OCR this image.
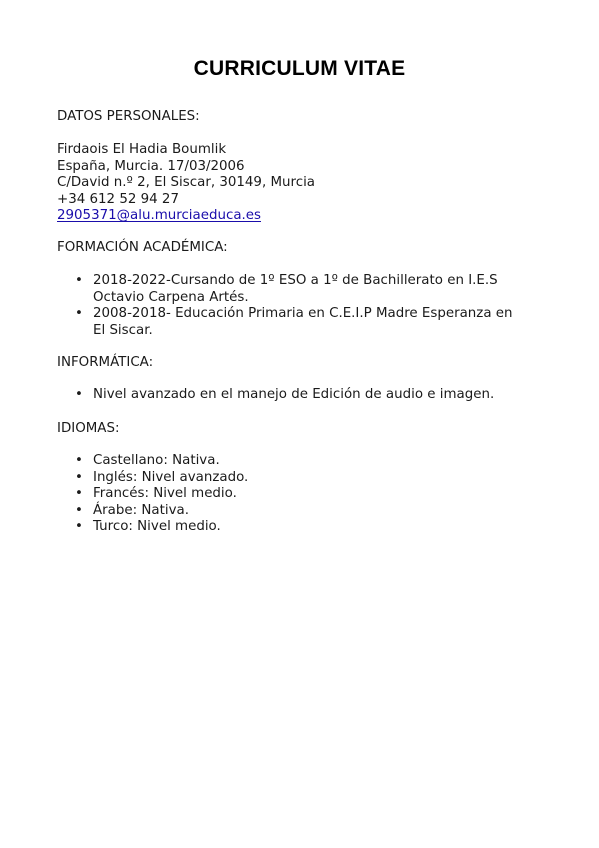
CURRICULUM VITAE
DATOS PERSONALES:
Firdaois El Hadia Boumlik
España, Murcia. 17/03/2006
C/David n.º 2, El Siscar, 30149, Murcia
+34 612 52 94 27
2905371@alu.murciaeduca.es
FORMACIÓN ACADÉMICA:
• 2018-2022-Cursando de 1º ESO a 1º de Bachillerato en I.E.S
Octavio Carpena Artés.
• 2008-2018- Educación Primaria en C.E.I.P Madre Esperanza en
El Siscar.
INFORMÁTICA:
• Nivel avanzado en el manejo de Edición de audio e imagen.
IDIOMAS:
• Castellano: Nativa.
• Inglés: Nivel avanzado.
• Francés: Nivel medio.
• Árabe: Nativa.
• Turco: Nivel medio.
